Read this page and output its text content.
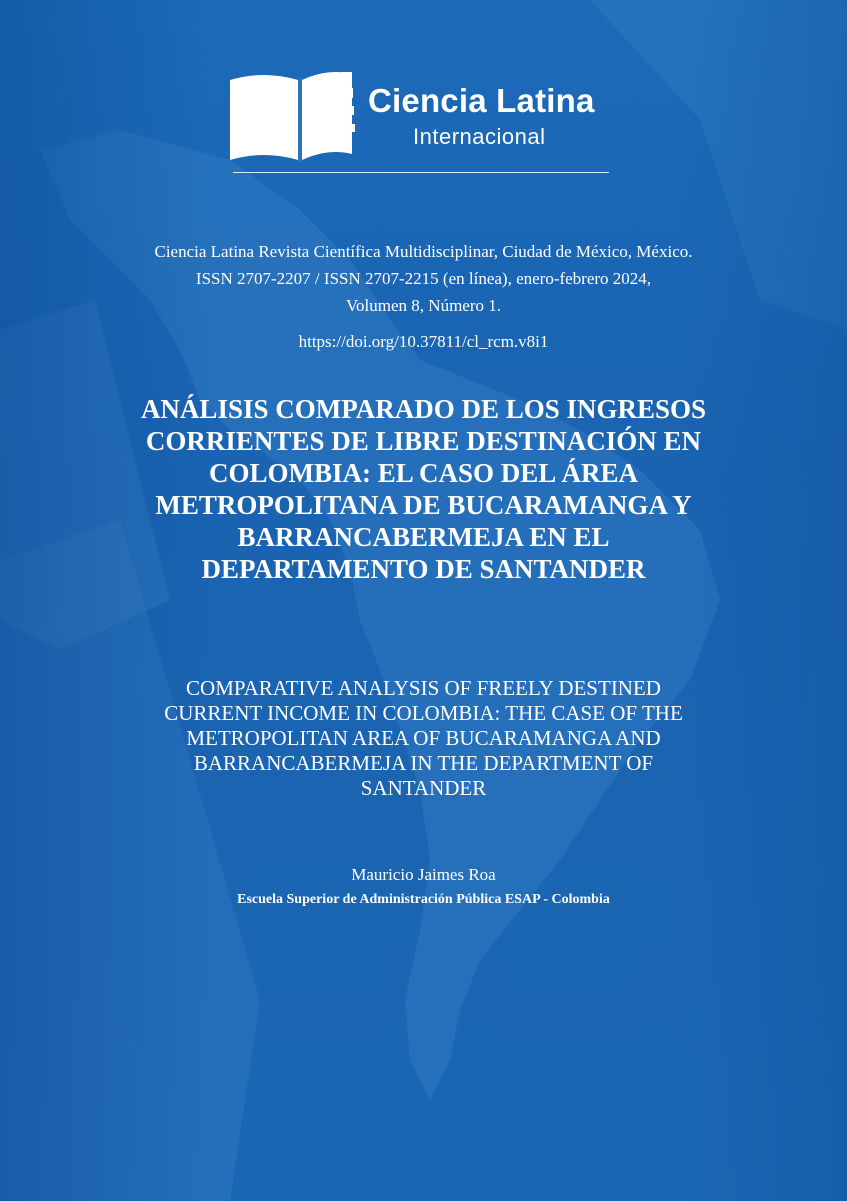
Ciencia Latina
Internacional
Ciencia Latina Revista Científica Multidisciplinar, Ciudad de México, México.
ISSN 2707-2207 / ISSN 2707-2215 (en línea), enero-febrero 2024,
Volumen 8, Número 1.
https://doi.org/10.37811/cl_rcm.v8i1
ANÁLISIS COMPARADO DE LOS INGRESOS
CORRIENTES DE LIBRE DESTINACIÓN EN
COLOMBIA: EL CASO DEL ÁREA
METROPOLITANA DE BUCARAMANGA Y
BARRANCABERMEJA EN EL
DEPARTAMENTO DE SANTANDER
COMPARATIVE ANALYSIS OF FREELY DESTINED
CURRENT INCOME IN COLOMBIA: THE CASE OF THE
METROPOLITAN AREA OF BUCARAMANGA AND
BARRANCABERMEJA IN THE DEPARTMENT OF
SANTANDER
Mauricio Jaimes Roa
Escuela Superior de Administración Pública ESAP - Colombia
